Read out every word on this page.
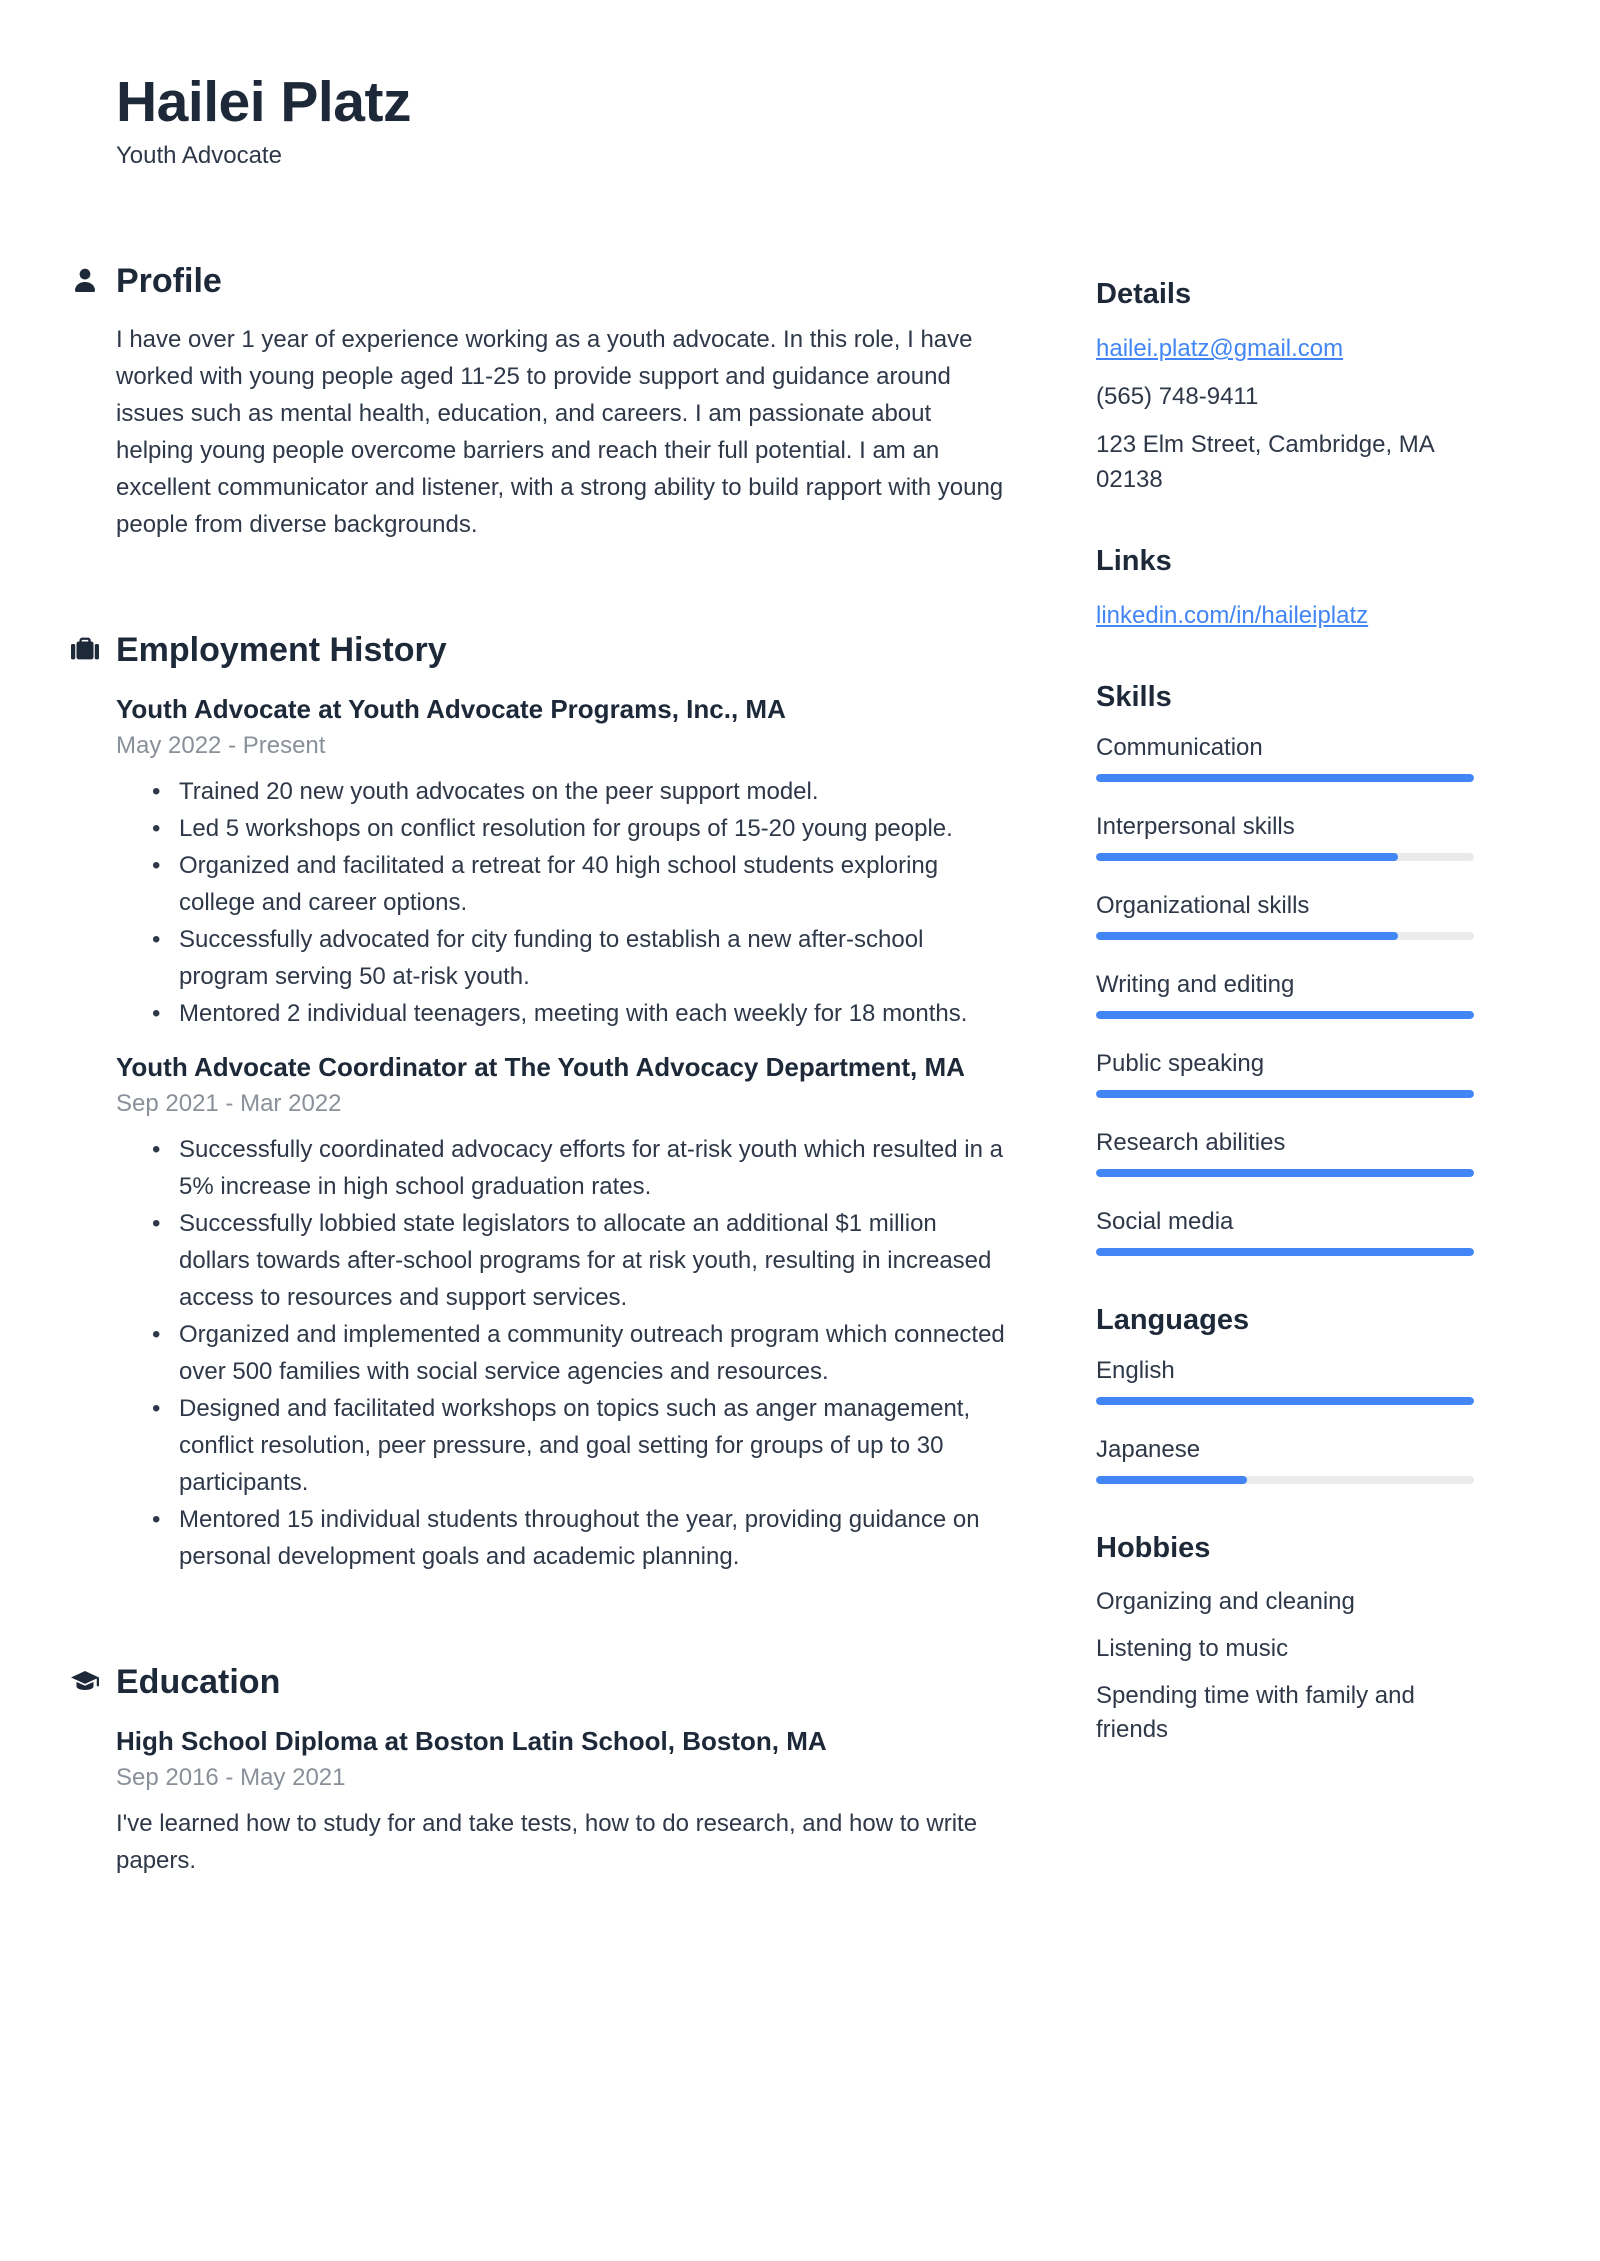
Hailei Platz
Youth Advocate
Profile

I have over 1 year of experience working as a youth advocate. In this role, I have worked with young people aged 11-25 to provide support and guidance around issues such as mental health, education, and careers. I am passionate about helping young people overcome barriers and reach their full potential. I am an excellent communicator and listener, with a strong ability to build rapport with young people from diverse backgrounds.

Employment History
Youth Advocate at Youth Advocate Programs, Inc., MA
May 2022 - Present
• Trained 20 new youth advocates on the peer support model.
• Led 5 workshops on conflict resolution for groups of 15-20 young people.
• Organized and facilitated a retreat for 40 high school students exploring college and career options.
• Successfully advocated for city funding to establish a new after-school program serving 50 at-risk youth.
• Mentored 2 individual teenagers, meeting with each weekly for 18 months.
Youth Advocate Coordinator at The Youth Advocacy Department, MA
Sep 2021 - Mar 2022
• Successfully coordinated advocacy efforts for at-risk youth which resulted in a 5% increase in high school graduation rates.
• Successfully lobbied state legislators to allocate an additional $1 million dollars towards after-school programs for at risk youth, resulting in increased access to resources and support services.
• Organized and implemented a community outreach program which connected over 500 families with social service agencies and resources.
• Designed and facilitated workshops on topics such as anger management, conflict resolution, peer pressure, and goal setting for groups of up to 30 participants.
• Mentored 15 individual students throughout the year, providing guidance on personal development goals and academic planning.
Education
High School Diploma at Boston Latin School, Boston, MA
Sep 2016 - May 2021

I've learned how to study for and take tests, how to do research, and how to write papers.

Details
hailei.platz@gmail.com
(565) 748-9411
123 Elm Street, Cambridge, MA 02138
Links
linkedin.com/in/haileiplatz
Skills
Communication
Interpersonal skills
Organizational skills
Writing and editing
Public speaking
Research abilities
Social media
Languages
English
Japanese
Hobbies
Organizing and cleaning
Listening to music
Spending time with family and friends
